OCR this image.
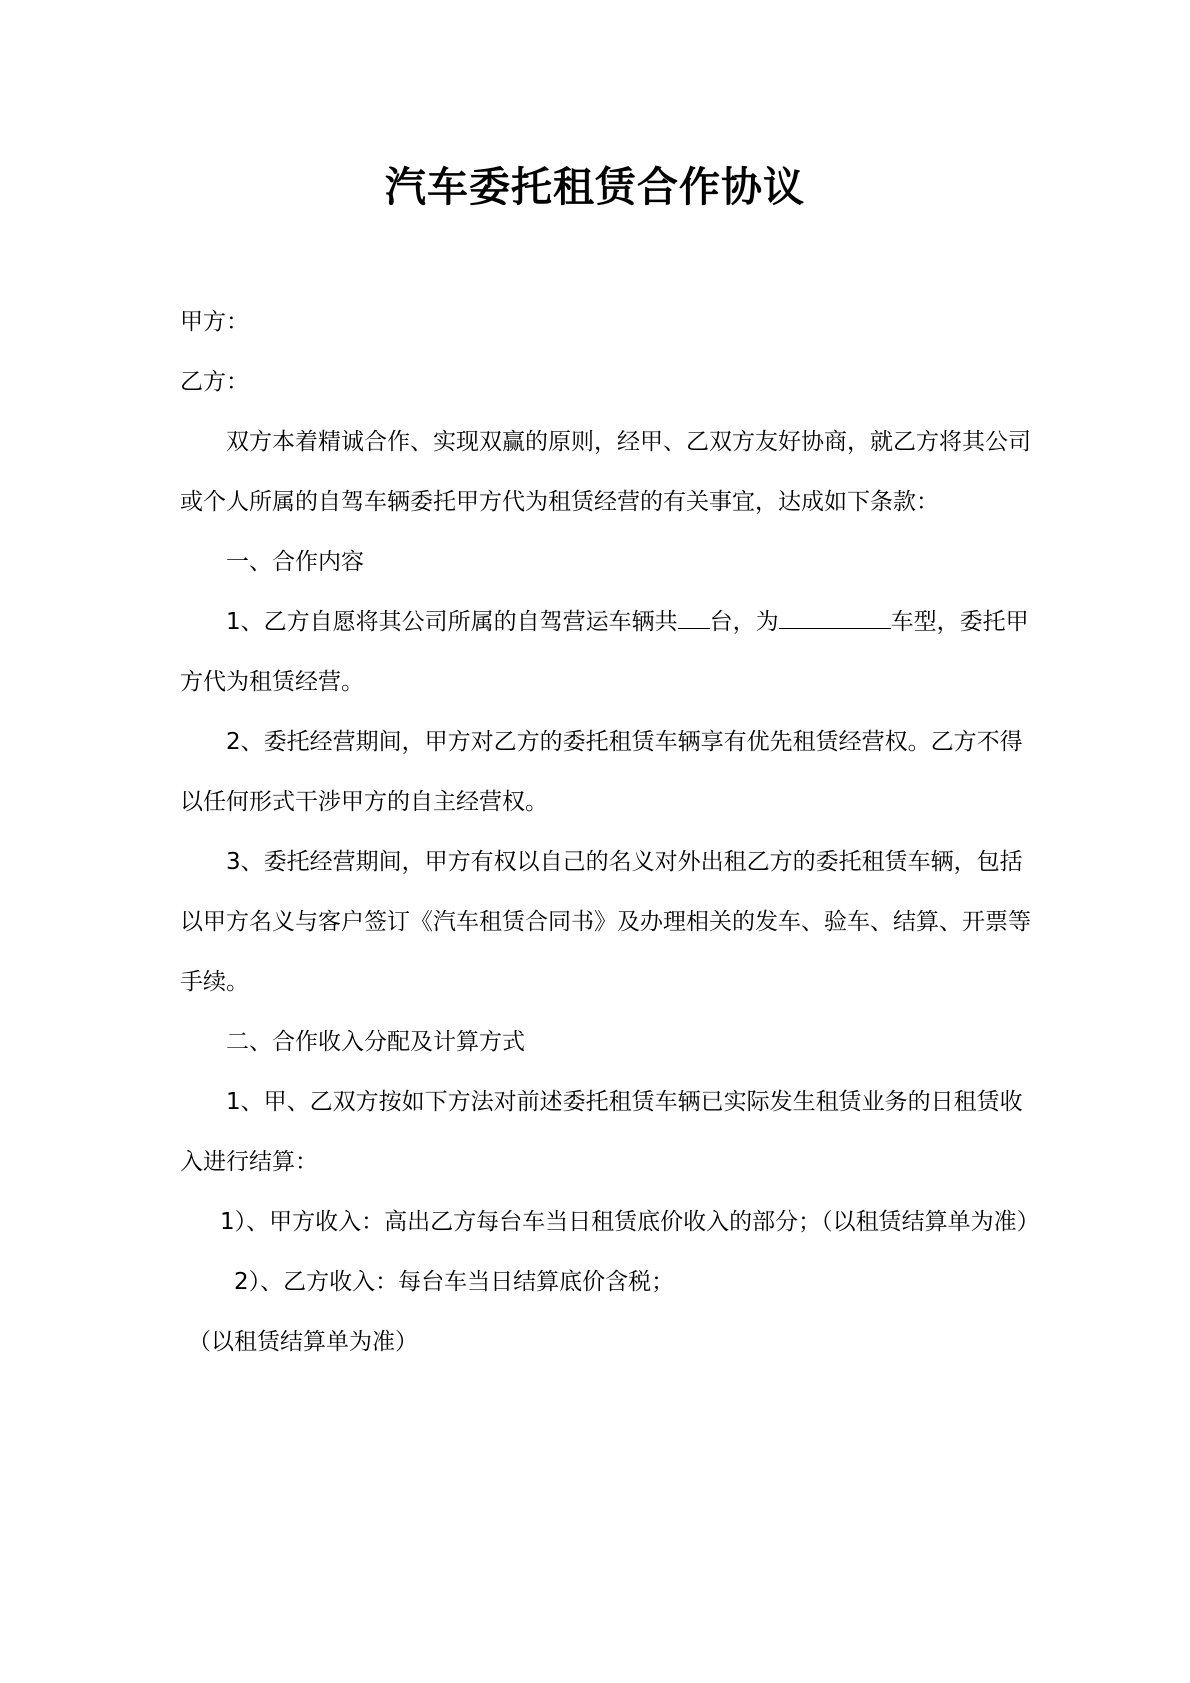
汽车委托租赁合作协议

甲方：

乙方：

双方本着精诚合作、实现双赢的原则，经甲、乙双方友好协商，就乙方将其公司或个人所属的自驾车辆委托甲方代为租赁经营的有关事宜，达成如下条款：

一、合作内容

1、乙方自愿将其公司所属的自驾营运车辆共 台，为	车型，委托甲方代为租赁经营。

2、委托经营期间，甲方对乙方的委托租赁车辆享有优先租赁经营权。乙方不得以任何形式干涉甲方的自主经营权。

3、委托经营期间，甲方有权以自己的名义对外出租乙方的委托租赁车辆，包括以甲方名义与客户签订《汽车租赁合同书》及办理相关的发车、验车、结算、开票等手续。

二、合作收入分配及计算方式

1、甲、乙双方按如下方法对前述委托租赁车辆已实际发生租赁业务的日租赁收入进行结算：

1）、甲方收入：高出乙方每台车当日租赁底价收入的部分；（以租赁结算单为准）

2）、乙方收入：每台车当日结算底价含税；

（以租赁结算单为准）
